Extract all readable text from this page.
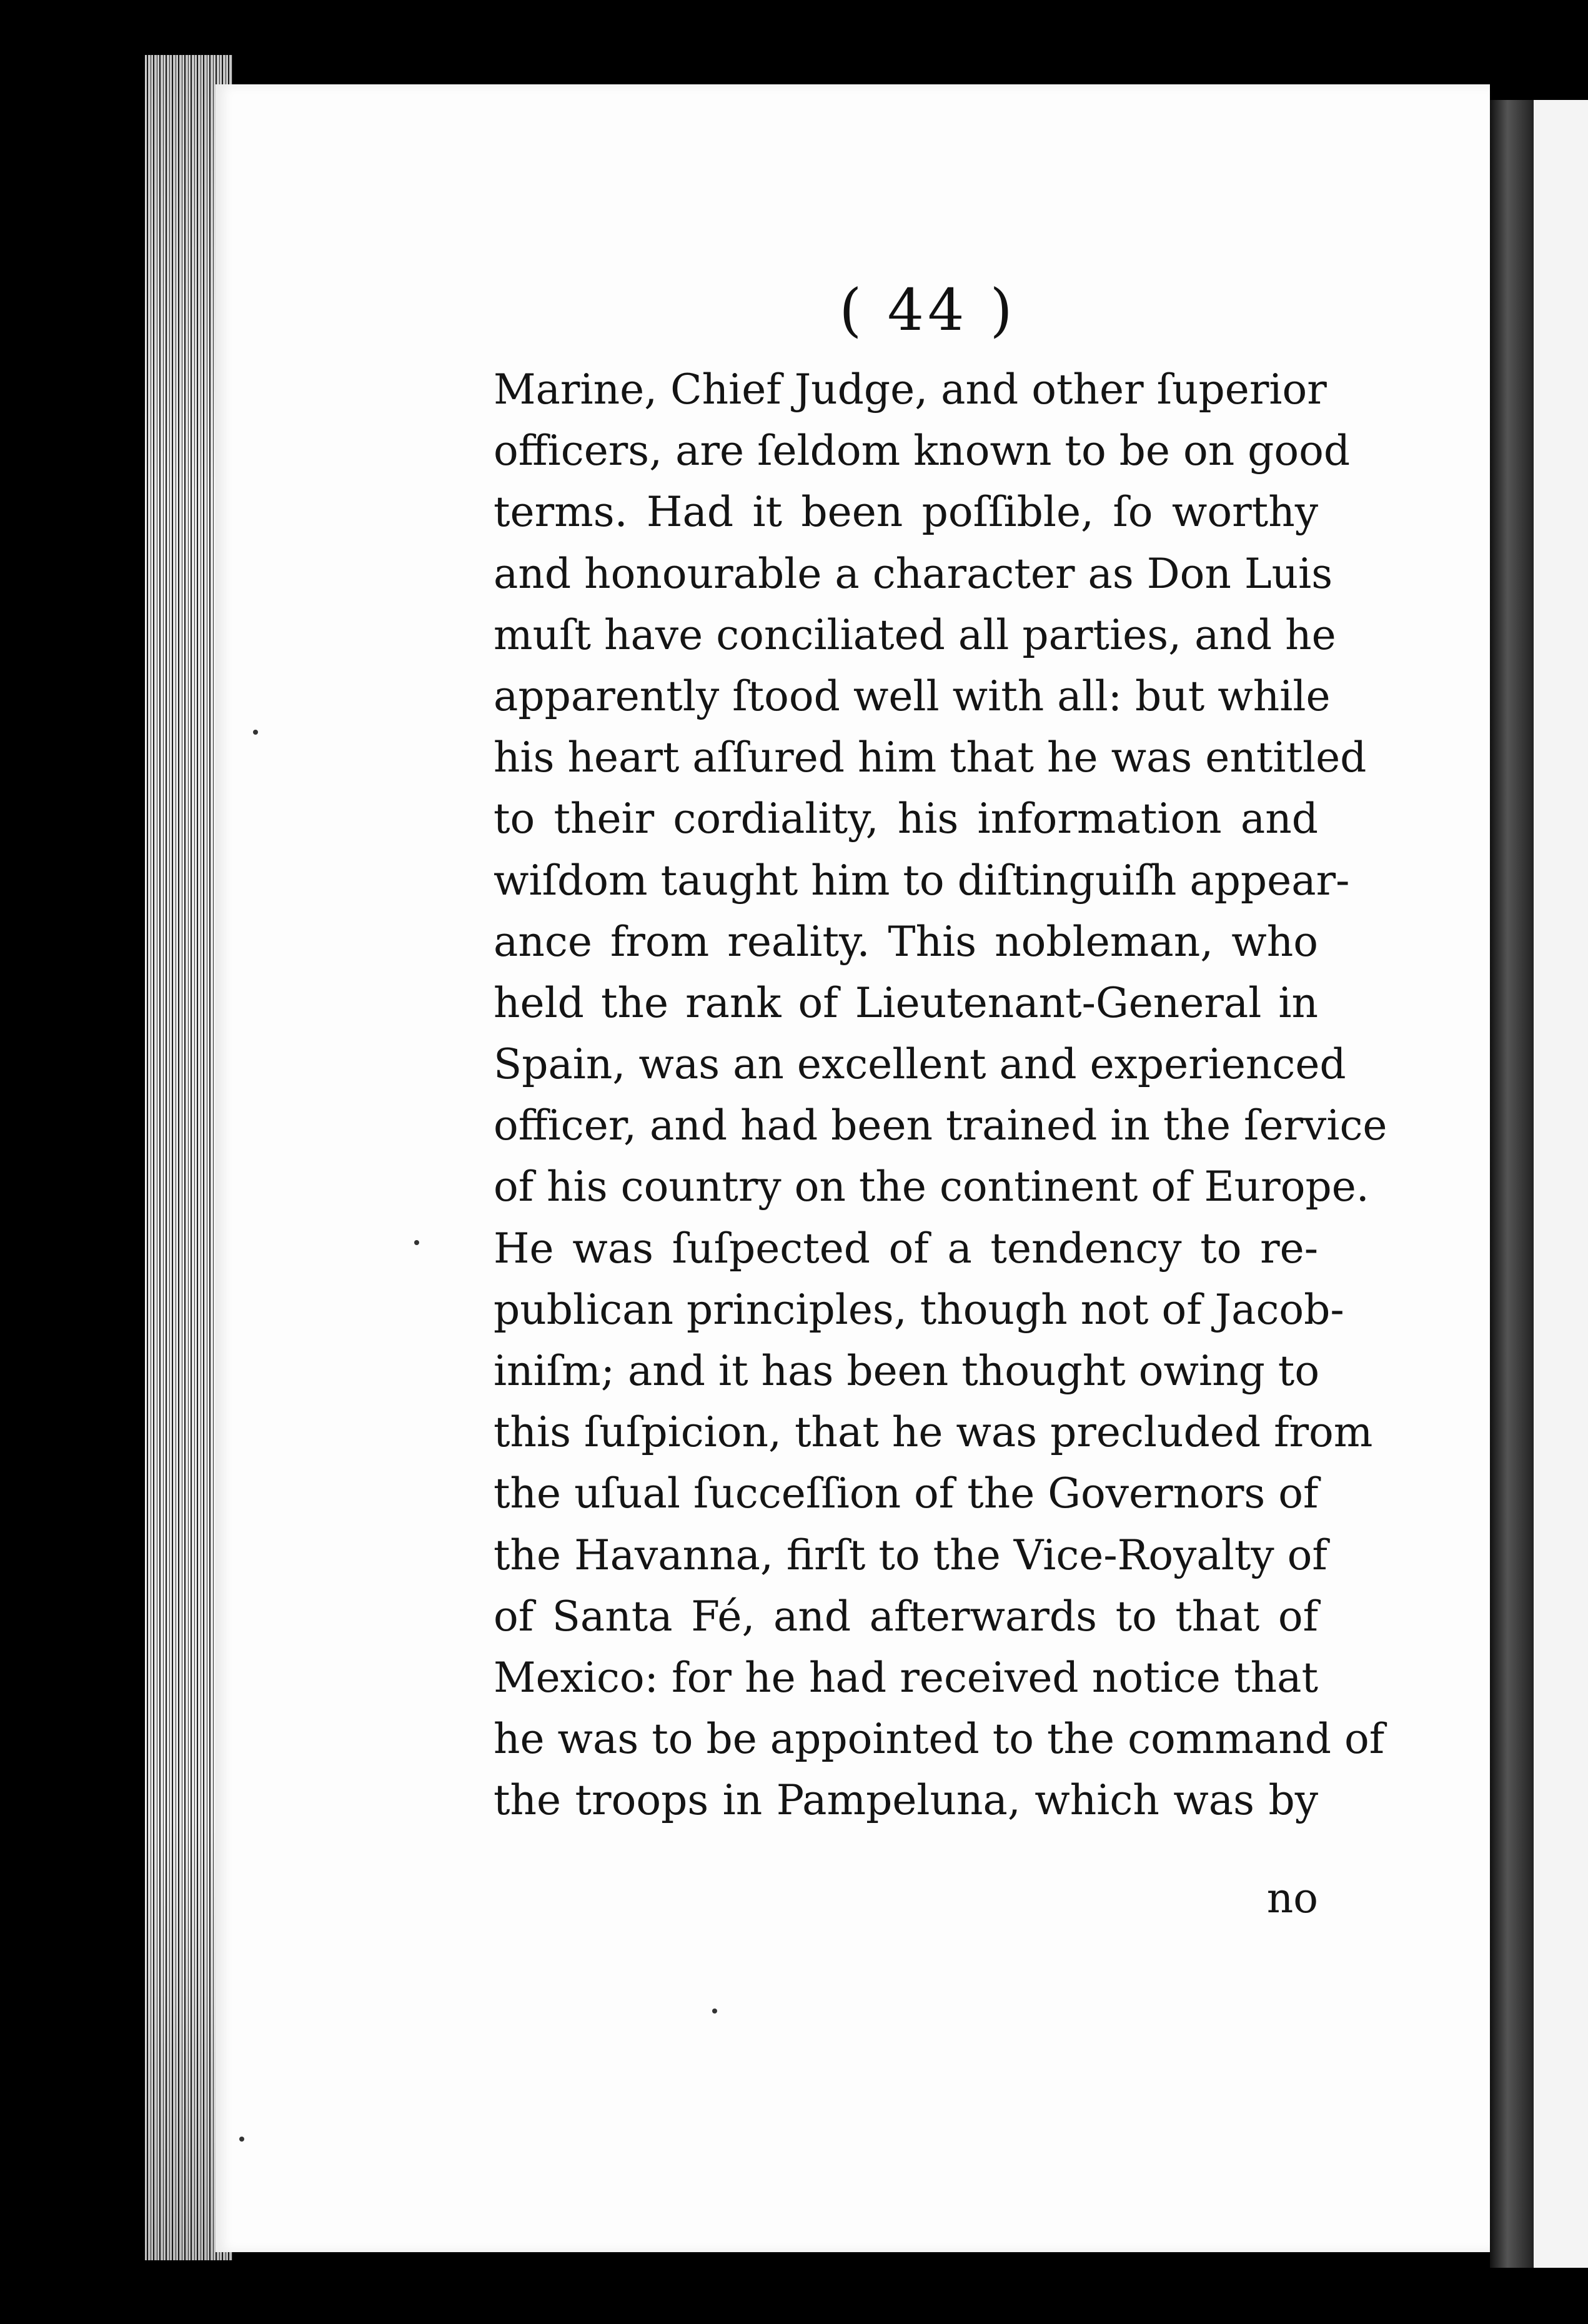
( 44 )
Marine, Chief Judge, and other ſuperior
officers, are ſeldom known to be on good
terms. Had it been poſſible, ſo worthy
and honourable a character as Don Luis
muſt have conciliated all parties, and he
apparently ſtood well with all: but while
his heart aſſured him that he was entitled
to their cordiality, his information and
wiſdom taught him to diſtinguiſh appear-
ance from reality. This nobleman, who
held the rank of Lieutenant-General in
Spain, was an excellent and experienced
officer, and had been trained in the ſervice
of his country on the continent of Europe.
He was ſuſpected of a tendency to re-
publican principles, though not of Jacob-
iniſm; and it has been thought owing to
this ſuſpicion, that he was precluded from
the uſual ſucceſſion of the Governors of
the Havanna, firſt to the Vice-Royalty of
of Santa Fé, and afterwards to that of
Mexico: for he had received notice that
he was to be appointed to the command of
the troops in Pampeluna, which was by
no
